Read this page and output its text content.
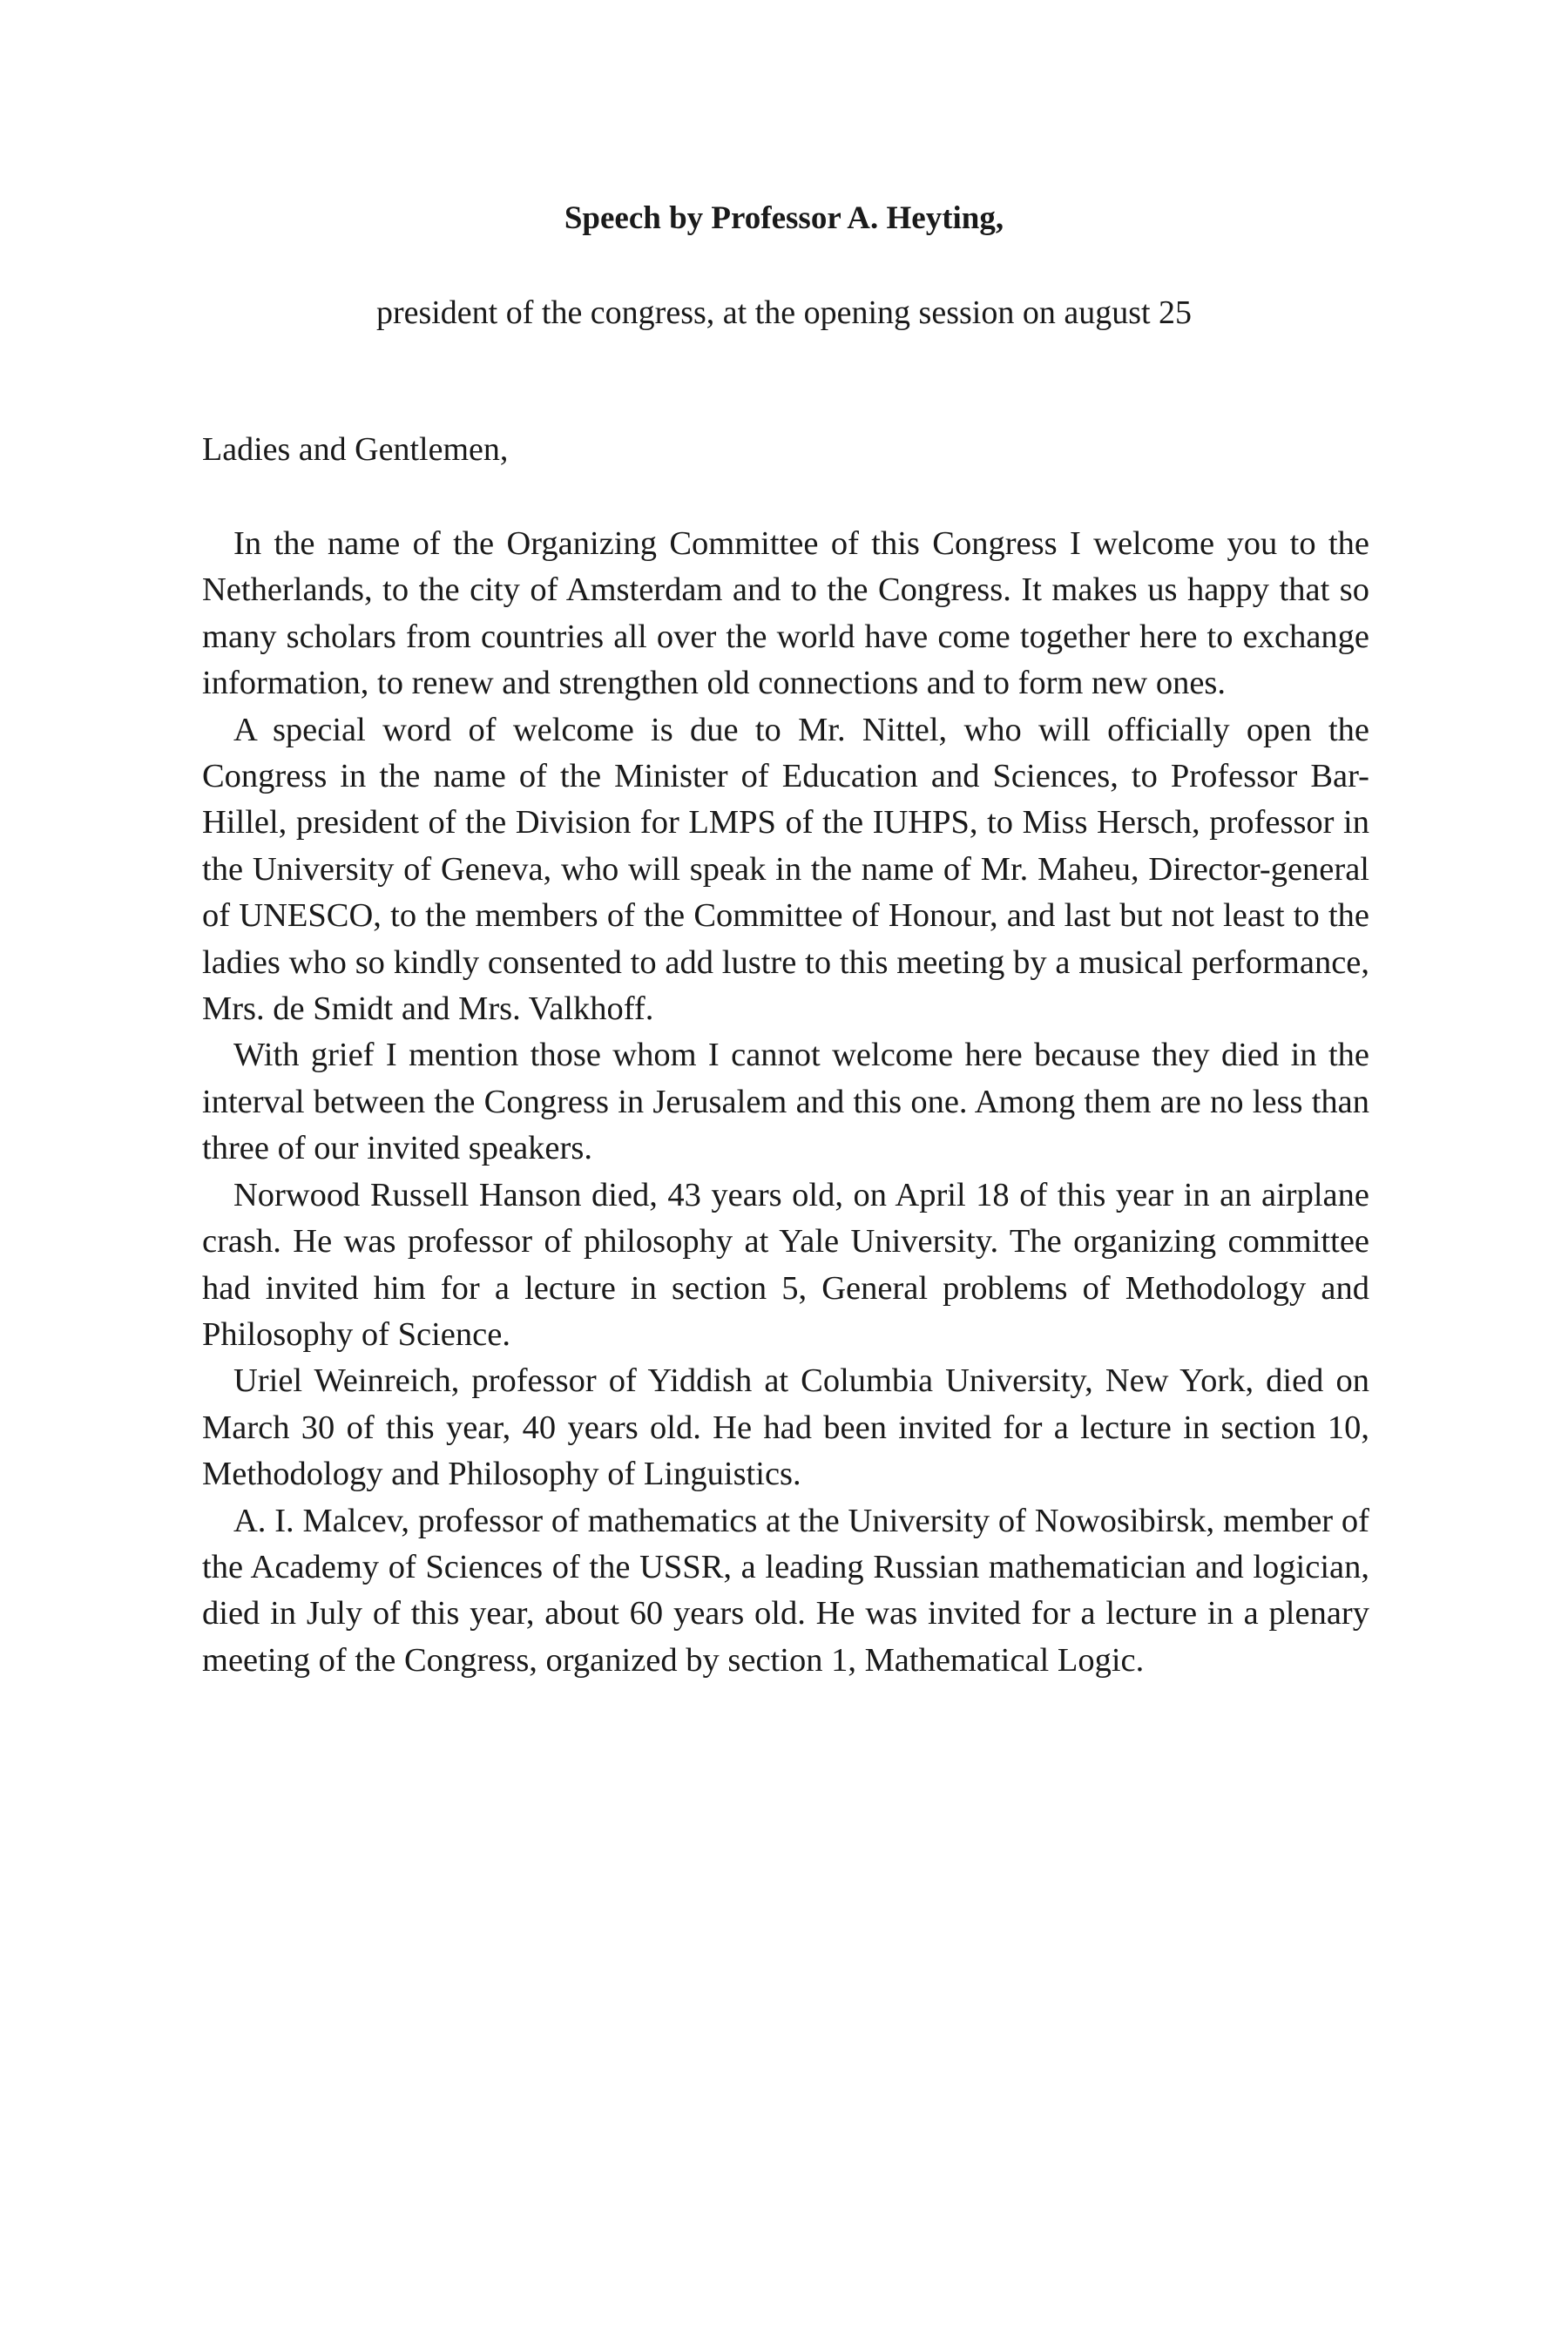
Speech by Professor A. Heyting,

president of the congress, at the opening session on august 25

Ladies and Gentlemen,

In the name of the Organizing Committee of this Congress I welcome you to the Netherlands, to the city of Amsterdam and to the Congress. It makes us happy that so many scholars from countries all over the world have come together here to exchange information, to renew and strengthen old connections and to form new ones.

A special word of welcome is due to Mr. Nittel, who will officially open the Congress in the name of the Minister of Education and Sciences, to Professor Bar-Hillel, president of the Division for LMPS of the IUHPS, to Miss Hersch, professor in the University of Geneva, who will speak in the name of Mr. Maheu, Director-general of UNESCO, to the members of the Committee of Honour, and last but not least to the ladies who so kindly consented to add lustre to this meeting by a musical performance, Mrs. de Smidt and Mrs. Valkhoff.

With grief I mention those whom I cannot welcome here because they died in the interval between the Congress in Jerusalem and this one. Among them are no less than three of our invited speakers.

Norwood Russell Hanson died, 43 years old, on April 18 of this year in an airplane crash. He was professor of philosophy at Yale University. The organizing committee had invited him for a lecture in section 5, General problems of Methodology and Philosophy of Science.

Uriel Weinreich, professor of Yiddish at Columbia University, New York, died on March 30 of this year, 40 years old. He had been invited for a lecture in section 10, Methodology and Philosophy of Linguistics.

A. I. Malcev, professor of mathematics at the University of Nowosibirsk, member of the Academy of Sciences of the USSR, a leading Russian mathematician and logician, died in July of this year, about 60 years old. He was invited for a lecture in a plenary meeting of the Congress, organized by section 1, Mathematical Logic.
